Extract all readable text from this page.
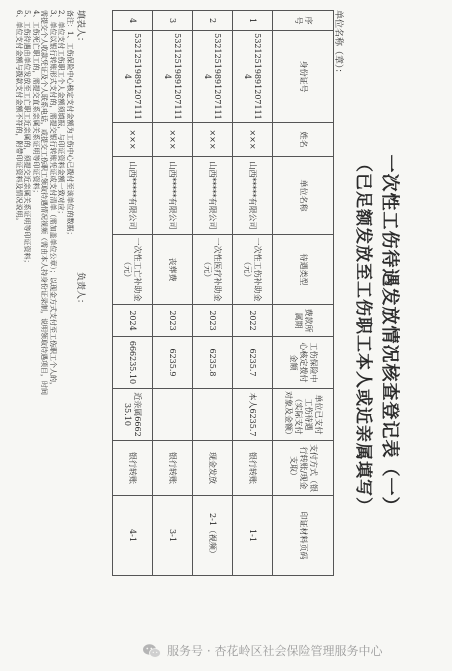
一次性工伤待遇发放情况核查登记表（一）
（已足额发放至工伤职工本人或近亲属填写）
单位名称（章）：
序号	身份证号	姓名	单位名称	待遇类型	费款所属期	工伤保险中心核定拨付金额	单位已支付工伤待遇（实际支付对象及金额）	支付方式（银行转账/现金支取）	印证材料页码
1	532125198912071114	×××	山西*****有限公司	一次性工伤补助金（元）	2022	6235.7	本人6235.7	银行转账	1-1
2	532125198912071114	×××	山西*****有限公司	一次性医疗补助金（元）	2023	6235.8		现金发放	2-1（视频）
3	532125198912071114	×××	山西*****有限公司	丧葬费	2023	6235.9		银行转账	3-1
4	532125198912071114	×××	山西*****有限公司	一次性工亡补助金（元）	2024	666235.10	近亲属666235.10	银行转账	4-1
填表人：
负责人：
备注：1、工伤保险中心核定支付金额为工伤中心已拨付至该单位的数据；
2、单位支付工伤职工个人金额须填报，与印证资料金额一致对应；
3、单位以银行转账形式支付的，需提交银行转账凭证或支付清单（需加盖单位公章）；以现金方式支付至工伤职工个人的，
需提交个人收款凭证及个人联系电话，或提交工伤职工领取待遇情况视频（需由本人持身份证录制，说明领取待遇项目，时间
4、工伤死亡职工的，需提交直系亲属关系证明等印证资料；
5、工伤待遇由单位发放至工亡职工近亲属的，须提交近亲属关系证明等印证资料；
6、单位支付金额与拨款支付金额不符的，附带印证资料及情况说明。
服务号 · 杏花岭区社会保险管理服务中心
